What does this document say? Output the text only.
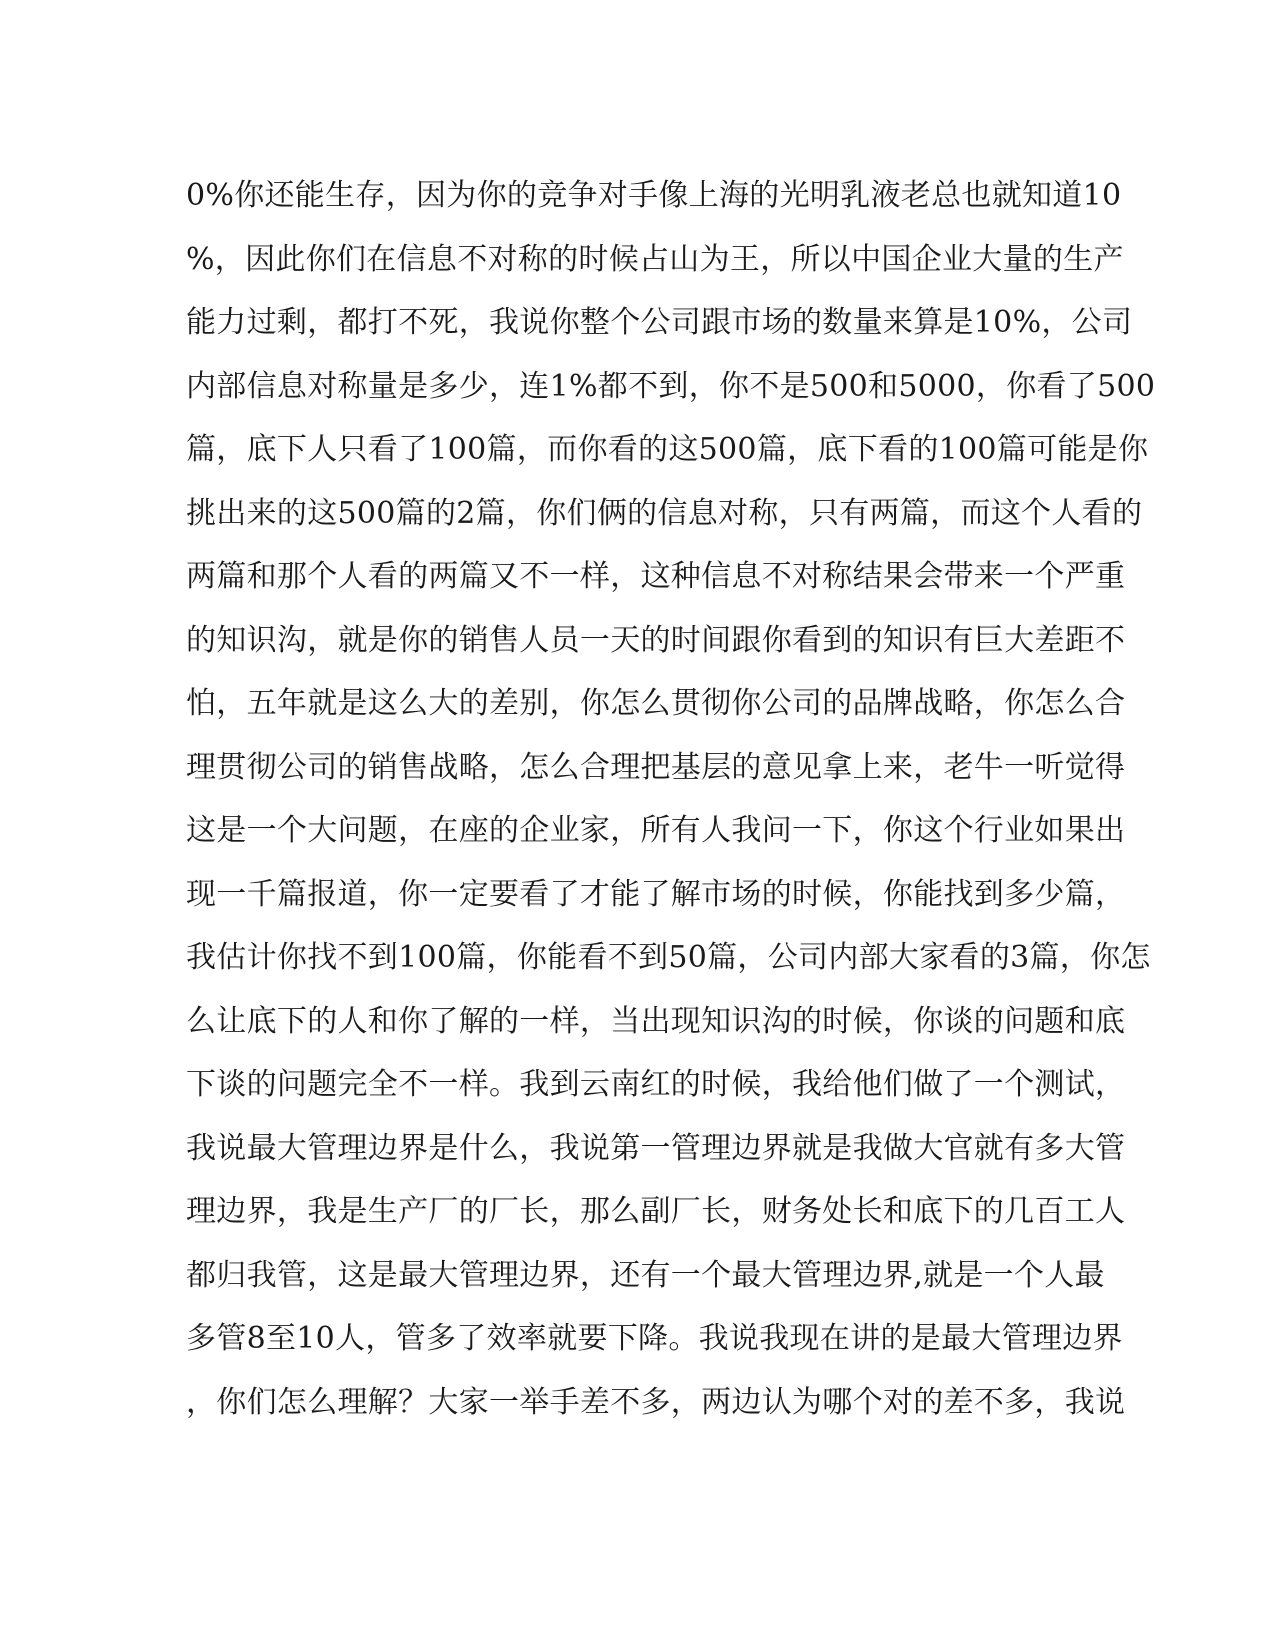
0%你还能生存，因为你的竞争对手像上海的光明乳液老总也就知道10
%，因此你们在信息不对称的时候占山为王，所以中国企业大量的生产
能力过剩，都打不死，我说你整个公司跟市场的数量来算是10%，公司
内部信息对称量是多少，连1%都不到，你不是500和5000，你看了500
篇，底下人只看了100篇，而你看的这500篇，底下看的100篇可能是你
挑出来的这500篇的2篇，你们俩的信息对称，只有两篇，而这个人看的
两篇和那个人看的两篇又不一样，这种信息不对称结果会带来一个严重
的知识沟，就是你的销售人员一天的时间跟你看到的知识有巨大差距不
怕，五年就是这么大的差别，你怎么贯彻你公司的品牌战略，你怎么合
理贯彻公司的销售战略，怎么合理把基层的意见拿上来，老牛一听觉得
这是一个大问题，在座的企业家，所有人我问一下，你这个行业如果出
现一千篇报道，你一定要看了才能了解市场的时候，你能找到多少篇，
我估计你找不到100篇，你能看不到50篇，公司内部大家看的3篇，你怎
么让底下的人和你了解的一样，当出现知识沟的时候，你谈的问题和底
下谈的问题完全不一样。我到云南红的时候，我给他们做了一个测试，
我说最大管理边界是什么，我说第一管理边界就是我做大官就有多大管
理边界，我是生产厂的厂长，那么副厂长，财务处长和底下的几百工人
都归我管，这是最大管理边界，还有一个最大管理边界,就是一个人最
多管8至10人，管多了效率就要下降。我说我现在讲的是最大管理边界
，你们怎么理解？大家一举手差不多，两边认为哪个对的差不多，我说
